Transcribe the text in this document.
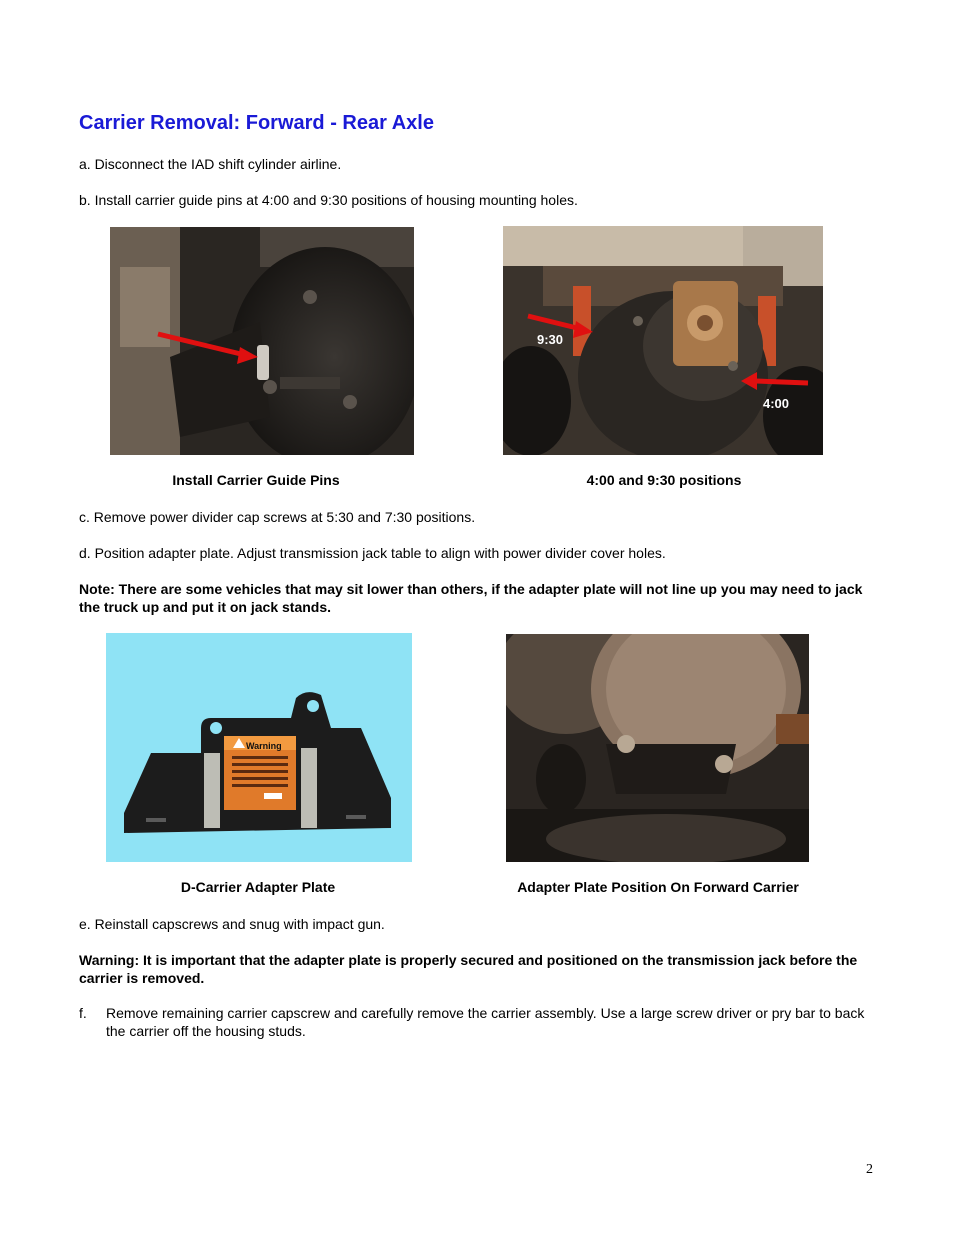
Carrier Removal: Forward - Rear Axle
a. Disconnect the IAD shift cylinder airline.
b. Install carrier guide pins at 4:00 and 9:30 positions of housing mounting holes.
9:30
4:00
Install Carrier Guide Pins	4:00 and 9:30 positions
c. Remove power divider cap screws at 5:30 and 7:30 positions.
d. Position adapter plate. Adjust transmission jack table to align with power divider cover holes.
Note: There are some vehicles that may sit lower than others, if the adapter plate will not line up you may need to jack the truck up and put it on jack stands.
Warning
D-Carrier Adapter Plate	Adapter Plate Position On Forward Carrier
e. Reinstall capscrews and snug with impact gun.
Warning: It is important that the adapter plate is properly secured and positioned on the transmission jack before the carrier is removed.
f. Remove remaining carrier capscrew and carefully remove the carrier assembly. Use a large screw driver or pry bar to back the carrier off the housing studs.
2
